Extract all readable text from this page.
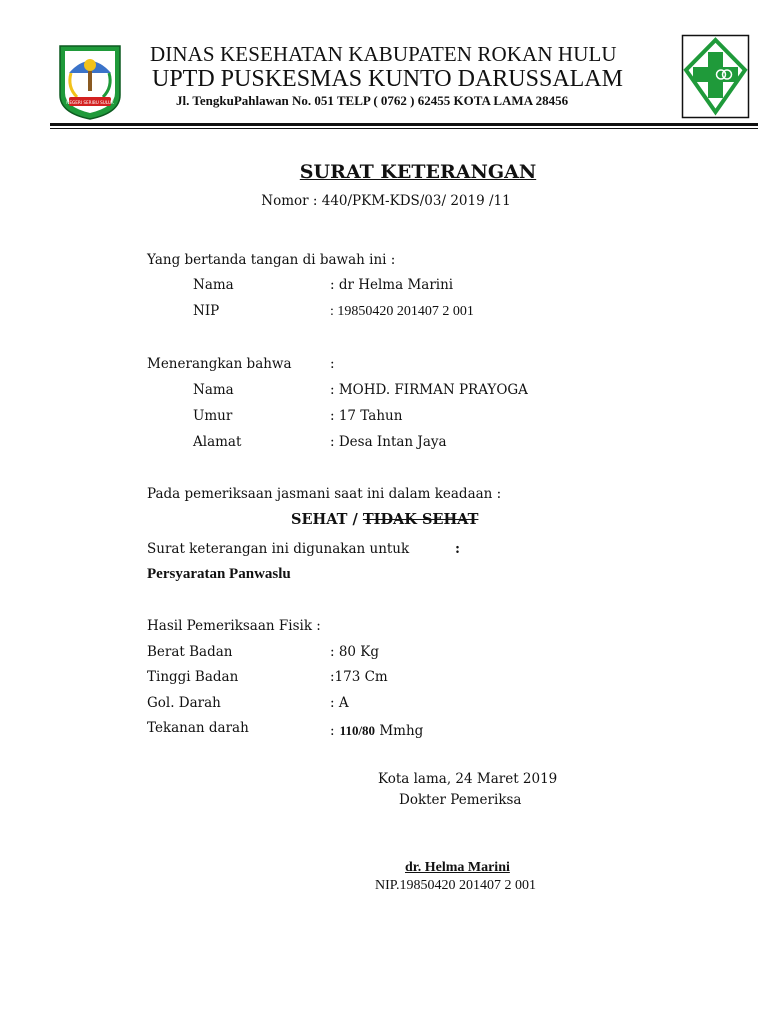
NEGERI SERIBU SULUK
DINAS KESEHATAN KABUPATEN ROKAN HULU
UPTD PUSKESMAS KUNTO DARUSSALAM
Jl. TengkuPahlawan No. 051 TELP ( 0762 ) 62455 KOTA LAMA 28456
SURAT KETERANGAN
Nomor : 440/PKM-KDS/03/ 2019 /11
Yang bertanda tangan di bawah ini :
Nama	: dr Helma Marini
NIP	: 19850420 201407 2 001
Menerangkan bahwa	:
Nama	: MOHD. FIRMAN PRAYOGA
Umur	: 17 Tahun
Alamat	: Desa Intan Jaya
Pada pemeriksaan jasmani saat ini dalam keadaan :
SEHAT / TIDAK SEHAT
Surat keterangan ini digunakan untuk	:
Persyaratan Panwaslu
Hasil Pemeriksaan Fisik :
Berat Badan	: 80 Kg
Tinggi Badan	:173 Cm
Gol. Darah	: A
Tekanan darah	: 110/80 Mmhg
Kota lama, 24 Maret 2019
Dokter Pemeriksa
dr. Helma Marini
NIP.19850420 201407 2 001
